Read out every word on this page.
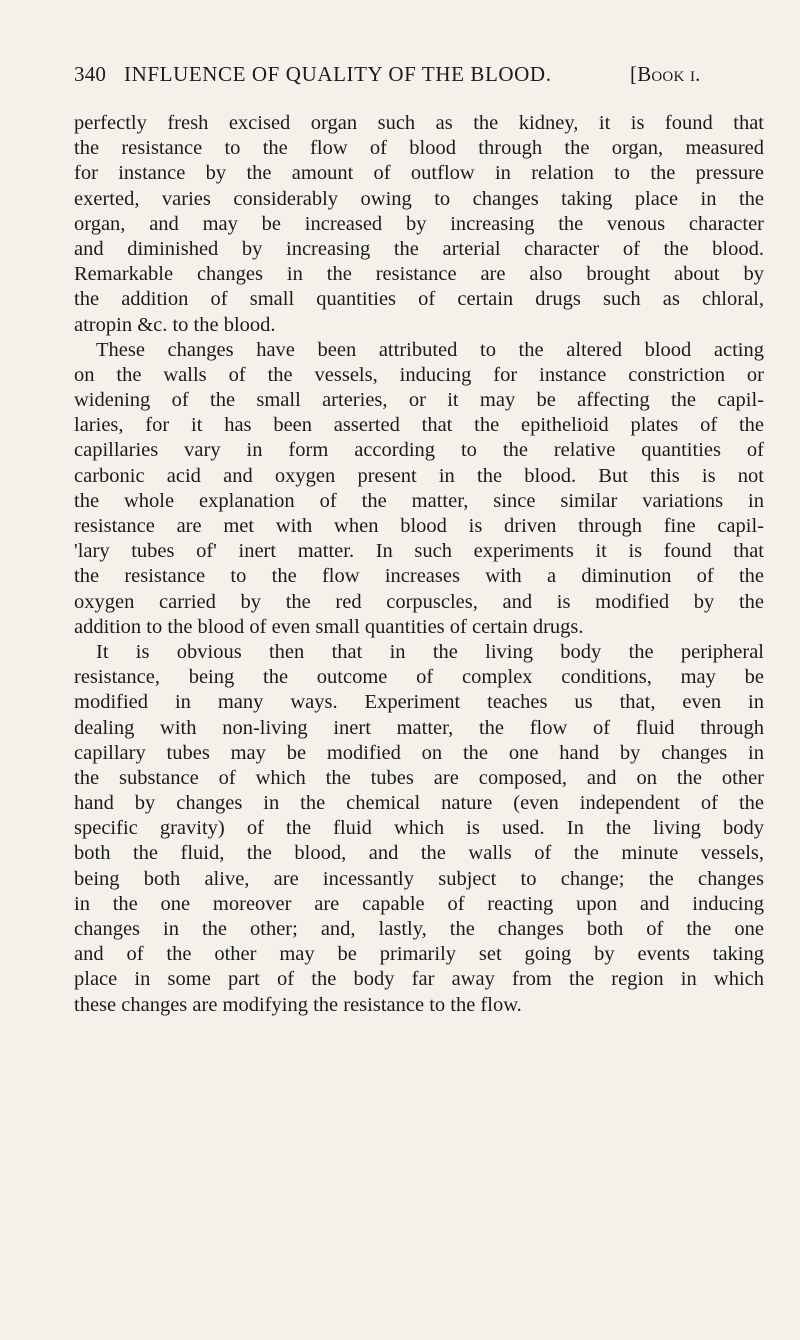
340 INFLUENCE OF QUALITY OF THE BLOOD.	[Book i.
perfectly fresh excised organ such as the kidney, it is found that
the resistance to the flow of blood through the organ, measured
for instance by the amount of outflow in relation to the pressure
exerted, varies considerably owing to changes taking place in the
organ, and may be increased by increasing the venous character
and diminished by increasing the arterial character of the blood.
Remarkable changes in the resistance are also brought about by
the addition of small quantities of certain drugs such as chloral,
atropin &c. to the blood.
These changes have been attributed to the altered blood acting
on the walls of the vessels, inducing for instance constriction or
widening of the small arteries, or it may be affecting the capil-
laries, for it has been asserted that the epithelioid plates of the
capillaries vary in form according to the relative quantities of
carbonic acid and oxygen present in the blood. But this is not
the whole explanation of the matter, since similar variations in
resistance are met with when blood is driven through fine capil-
'lary tubes of' inert matter. In such experiments it is found that
the resistance to the flow increases with a diminution of the
oxygen carried by the red corpuscles, and is modified by the
addition to the blood of even small quantities of certain drugs.
It is obvious then that in the living body the peripheral
resistance, being the outcome of complex conditions, may be
modified in many ways. Experiment teaches us that, even in
dealing with non-living inert matter, the flow of fluid through
capillary tubes may be modified on the one hand by changes in
the substance of which the tubes are composed, and on the other
hand by changes in the chemical nature (even independent of the
specific gravity) of the fluid which is used. In the living body
both the fluid, the blood, and the walls of the minute vessels,
being both alive, are incessantly subject to change; the changes
in the one moreover are capable of reacting upon and inducing
changes in the other; and, lastly, the changes both of the one
and of the other may be primarily set going by events taking
place in some part of the body far away from the region in which
these changes are modifying the resistance to the flow.
